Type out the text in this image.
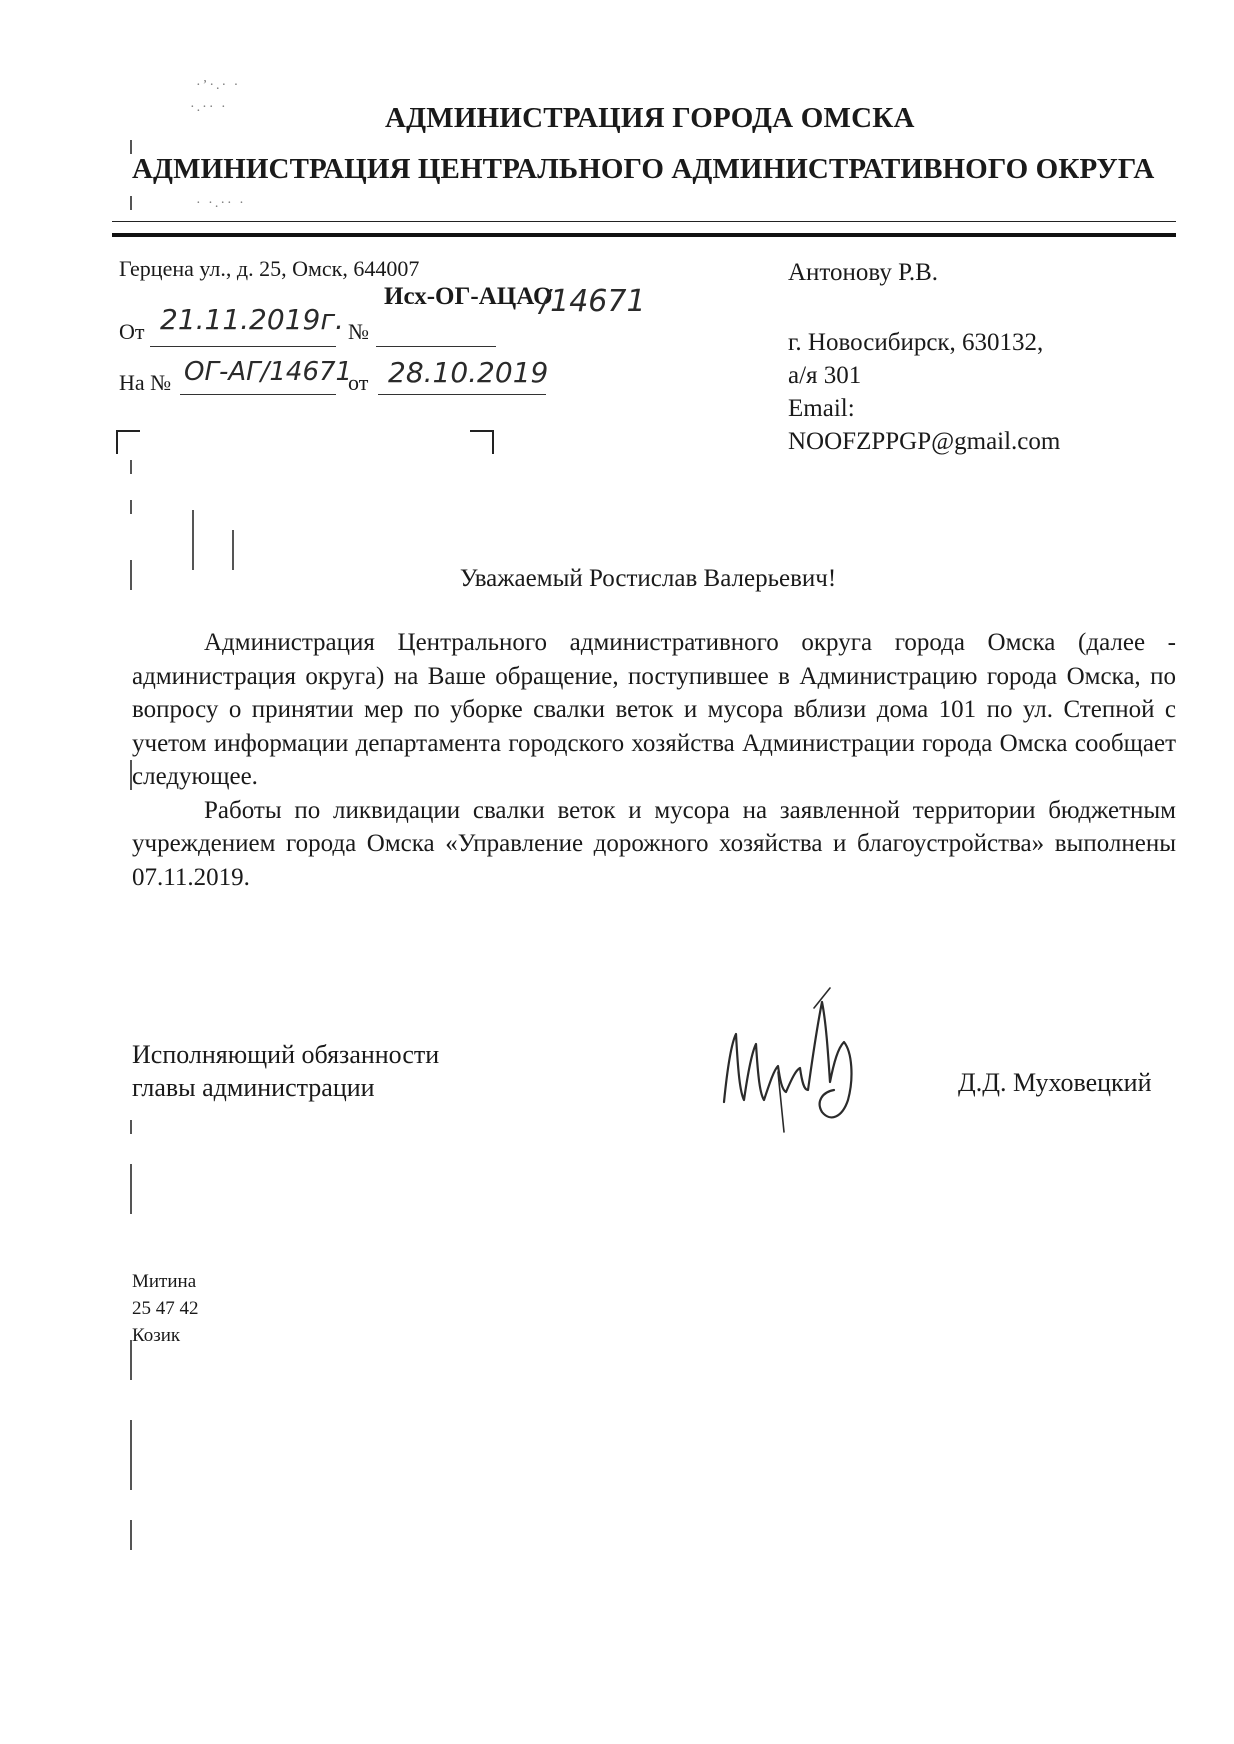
АДМИНИСТРАЦИЯ ГОРОДА ОМСКА
АДМИНИСТРАЦИЯ ЦЕНТРАЛЬНОГО АДМИНИСТРАТИВНОГО ОКРУГА
·ʼ·.· ·
·.·· ·
· ·.·· ·
Герцена ул., д. 25, Омск, 644007
Исх-ОГ-АЦАО
/14671
От 21.11.2019г. №
На № ОГ-АГ/14671
от 28.10.2019
Антонову Р.В.
г. Новосибирск, 630132,
а/я 301
Email:
NOOFZPPGP@gmail.com
Уважаемый Ростислав Валерьевич!

Администрация Центрального административного округа города Омска (далее - администрация округа) на Ваше обращение, поступившее в Администрацию города Омска, по вопросу о принятии мер по уборке свалки веток и мусора вблизи дома 101 по ул. Степной с учетом информации департамента городского хозяйства Администрации города Омска сообщает следующее.

Работы по ликвидации свалки веток и мусора на заявленной территории бюджетным учреждением города Омска «Управление дорожного хозяйства и благоустройства» выполнены 07.11.2019.

Исполняющий обязанности
главы администрации	Д.Д. Муховецкий
Митина
25 47 42
Козик
